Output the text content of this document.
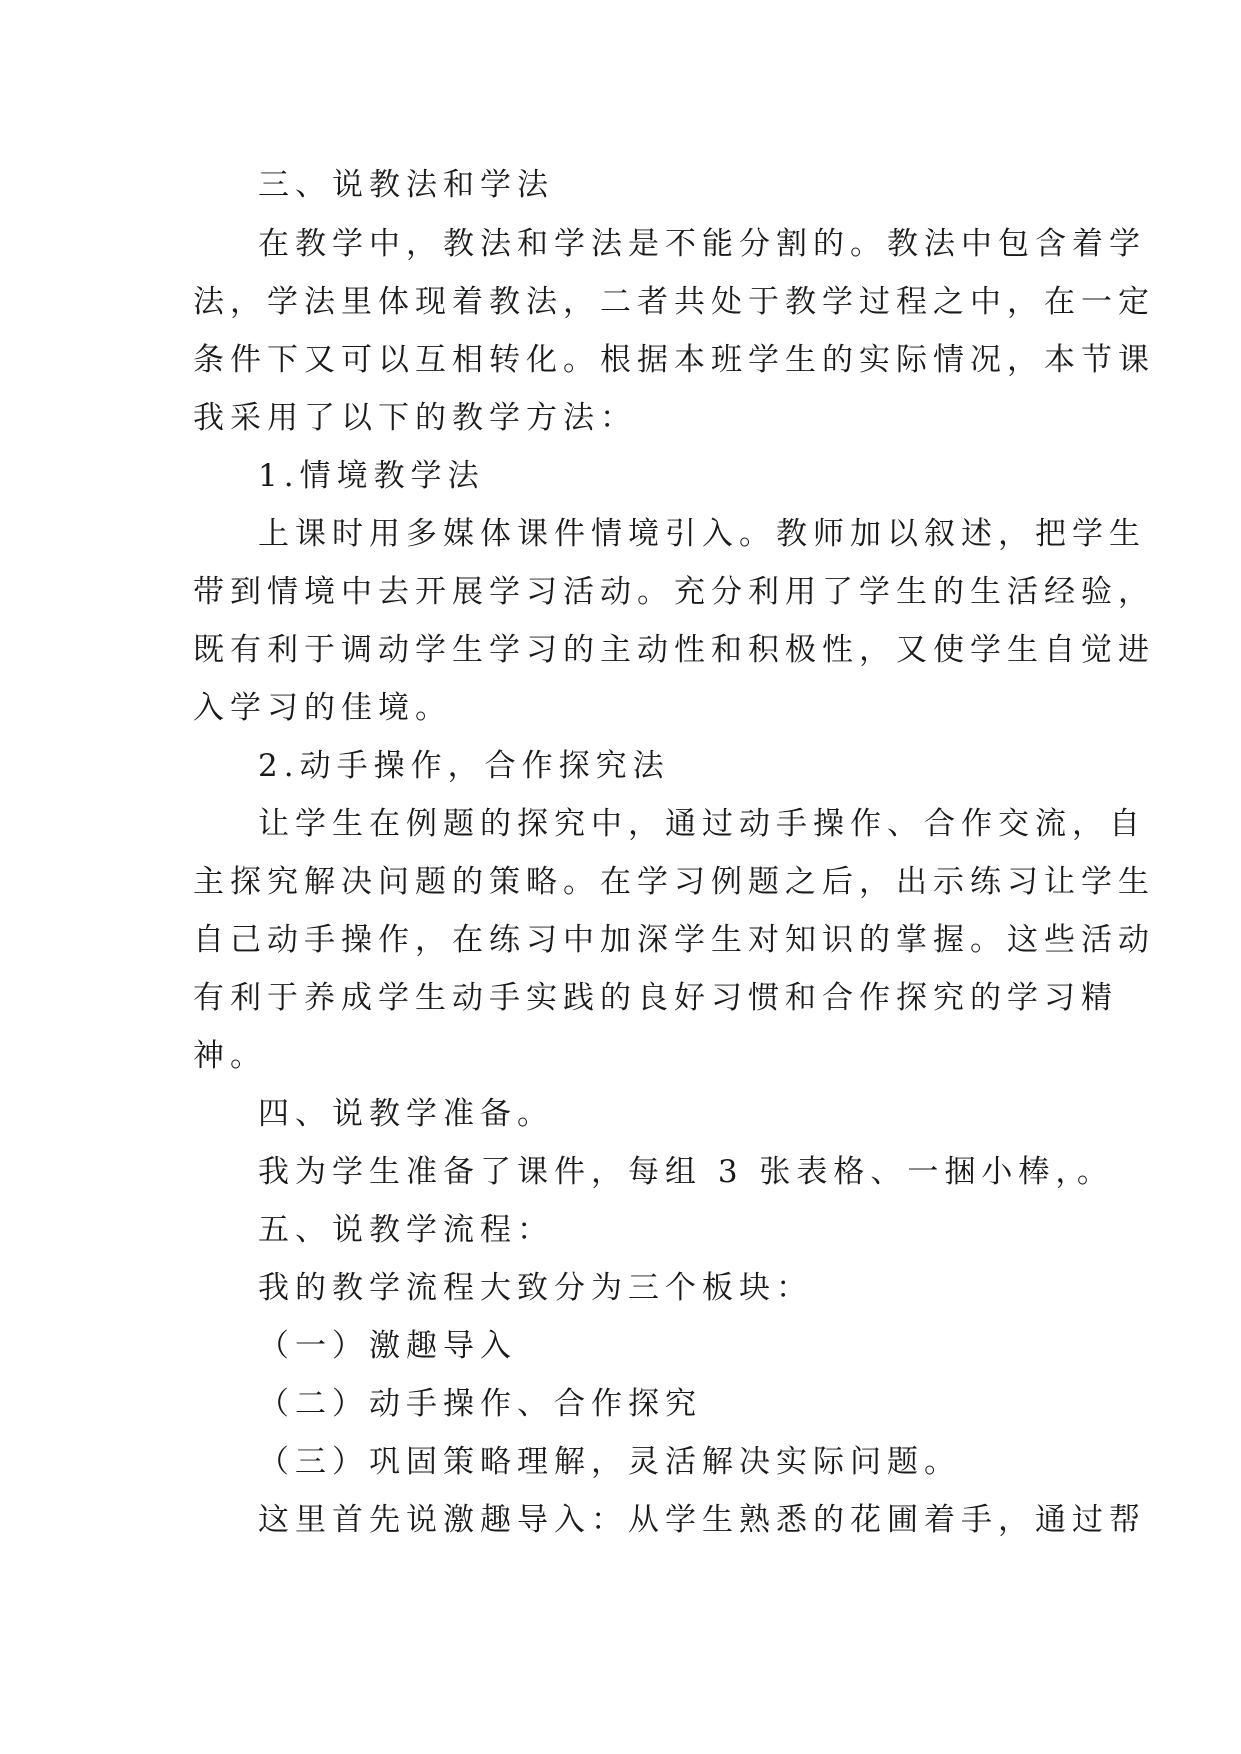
三、说教法和学法
在教学中，教法和学法是不能分割的。教法中包含着学
法，学法里体现着教法，二者共处于教学过程之中，在一定
条件下又可以互相转化。根据本班学生的实际情况，本节课
我采用了以下的教学方法：
1.情境教学法
上课时用多媒体课件情境引入。教师加以叙述，把学生
带到情境中去开展学习活动。充分利用了学生的生活经验，
既有利于调动学生学习的主动性和积极性，又使学生自觉进
入学习的佳境。
2.动手操作，合作探究法
让学生在例题的探究中，通过动手操作、合作交流，自
主探究解决问题的策略。在学习例题之后，出示练习让学生
自己动手操作，在练习中加深学生对知识的掌握。这些活动
有利于养成学生动手实践的良好习惯和合作探究的学习精
神。
四、说教学准备。
我为学生准备了课件，每组 3 张表格、一捆小棒，。
五、说教学流程：
我的教学流程大致分为三个板块：
（一）激趣导入
（二）动手操作、合作探究
（三）巩固策略理解，灵活解决实际问题。
这里首先说激趣导入：从学生熟悉的花圃着手，通过帮
